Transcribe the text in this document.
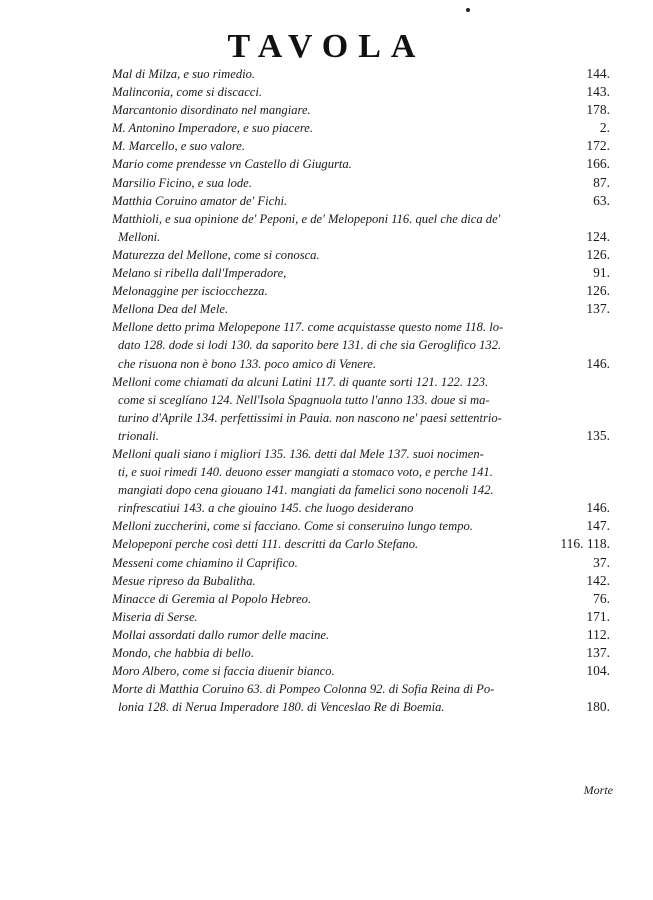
TAVOLA
Mal di Milza, e suo rimedio.	144.
Malinconia, come si discacci.	143.
Marcantonio disordinato nel mangiare.	178.
M. Antonino Imperadore, e suo piacere.	2.
M. Marcello, e suo valore.	172.
Mario come prendesse vn Castello di Giugurta.	166.
Marsilio Ficino, e sua lode.	87.
Matthia Coruino amator de' Fichi.	63.
Matthioli, e sua opinione de' Peponi, e de' Melopeponi 116. quel che dica de'
Melloni.	124.
Maturezza del Mellone, come si conosca.	126.
Melano si ribella dall'Imperadore,	91.
Melonaggine per isciocchezza.	126.
Mellona Dea del Mele.	137.
Mellone detto prima Melopepone 117. come acquistasse questo nome 118. lo-
dato 128. dode si lodi 130. da saporito bere 131. di che sia Geroglifico 132.
che risuona non è bono 133. poco amico di Venere.	146.
Melloni come chiamati da alcuni Latini 117. di quante sorti 121. 122. 123.
come si sceglíano 124. Nell'Isola Spagnuola tutto l'anno 133. doue si ma-
turino d'Aprile 134. perfettissimi in Pauia. non nascono ne' paesi settentrio-
trionali.	135.
Melloni quali siano i migliori 135. 136. detti dal Mele 137. suoi nocimen-
ti, e suoi rimedi 140. deuono esser mangiati a stomaco voto, e perche 141.
mangiati dopo cena giouano 141. mangiati da famelici sono nocenoli 142.
rinfrescatiui 143. a che giouino 145. che luogo desiderano	146.
Melloni zuccherini, come si facciano. Come si conseruino lungo tempo.	147.
Melopeponi perche così detti 111. descritti da Carlo Stefano.	116. 118.
Messeni come chiamino il Caprifico.	37.
Mesue ripreso da Bubalitha.	142.
Minacce di Geremia al Popolo Hebreo.	76.
Miseria di Serse.	171.
Mollai assordati dallo rumor delle macine.	112.
Mondo, che habbia di bello.	137.
Moro Albero, come si faccia diuenir bianco.	104.
Morte di Matthia Coruino 63. di Pompeo Colonna 92. di Sofia Reina di Po-
lonia 128. di Nerua Imperadore 180. di Venceslao Re di Boemia.	180.
Morte
